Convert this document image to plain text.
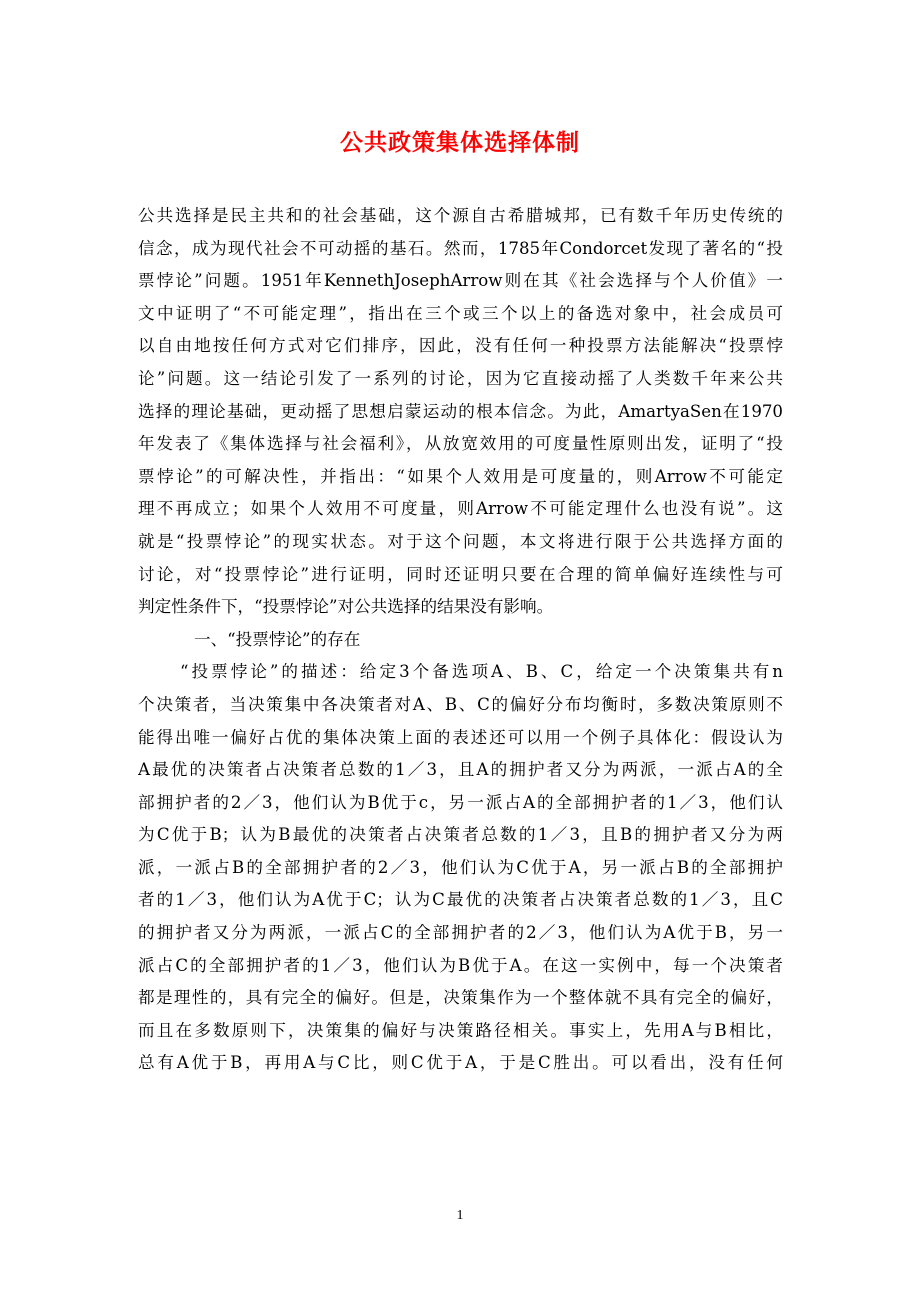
公共政策集体选择体制
公共选择是民主共和的社会基础，这个源自古希腊城邦，已有数千年历史传统的
信念，成为现代社会不可动摇的基石。然而，1785年Condorcet发现了著名的“投
票悖论”问题。1951年KennethJosephArrow则在其《社会选择与个人价值》一
文中证明了“不可能定理”，指出在三个或三个以上的备选对象中，社会成员可
以自由地按任何方式对它们排序，因此，没有任何一种投票方法能解决“投票悖
论”问题。这一结论引发了一系列的讨论，因为它直接动摇了人类数千年来公共
选择的理论基础，更动摇了思想启蒙运动的根本信念。为此，AmartyaSen在1970
年发表了《集体选择与社会福利》，从放宽效用的可度量性原则出发，证明了“投
票悖论”的可解决性，并指出：“如果个人效用是可度量的，则Arrow不可能定
理不再成立；如果个人效用不可度量，则Arrow不可能定理什么也没有说”。这
就是“投票悖论”的现实状态。对于这个问题，本文将进行限于公共选择方面的
讨论，对“投票悖论”进行证明，同时还证明只要在合理的简单偏好连续性与可
判定性条件下，“投票悖论”对公共选择的结果没有影响。
一、“投票悖论”的存在
“投票悖论”的描述：给定3个备选项A、B、C，给定一个决策集共有n
个决策者，当决策集中各决策者对A、B、C的偏好分布均衡时，多数决策原则不
能得出唯一偏好占优的集体决策上面的表述还可以用一个例子具体化：假设认为
A最优的决策者占决策者总数的1／3，且A的拥护者又分为两派，一派占A的全
部拥护者的2／3，他们认为B优于c，另一派占A的全部拥护者的1／3，他们认
为C优于B；认为B最优的决策者占决策者总数的1／3，且B的拥护者又分为两
派，一派占B的全部拥护者的2／3，他们认为C优于A，另一派占B的全部拥护
者的1／3，他们认为A优于C；认为C最优的决策者占决策者总数的1／3，且C
的拥护者又分为两派，一派占C的全部拥护者的2／3，他们认为A优于B，另一
派占C的全部拥护者的1／3，他们认为B优于A。在这一实例中，每一个决策者
都是理性的，具有完全的偏好。但是，决策集作为一个整体就不具有完全的偏好，
而且在多数原则下，决策集的偏好与决策路径相关。事实上，先用A与B相比，
总有A优于B，再用A与C比，则C优于A，于是C胜出。可以看出，没有任何
1
